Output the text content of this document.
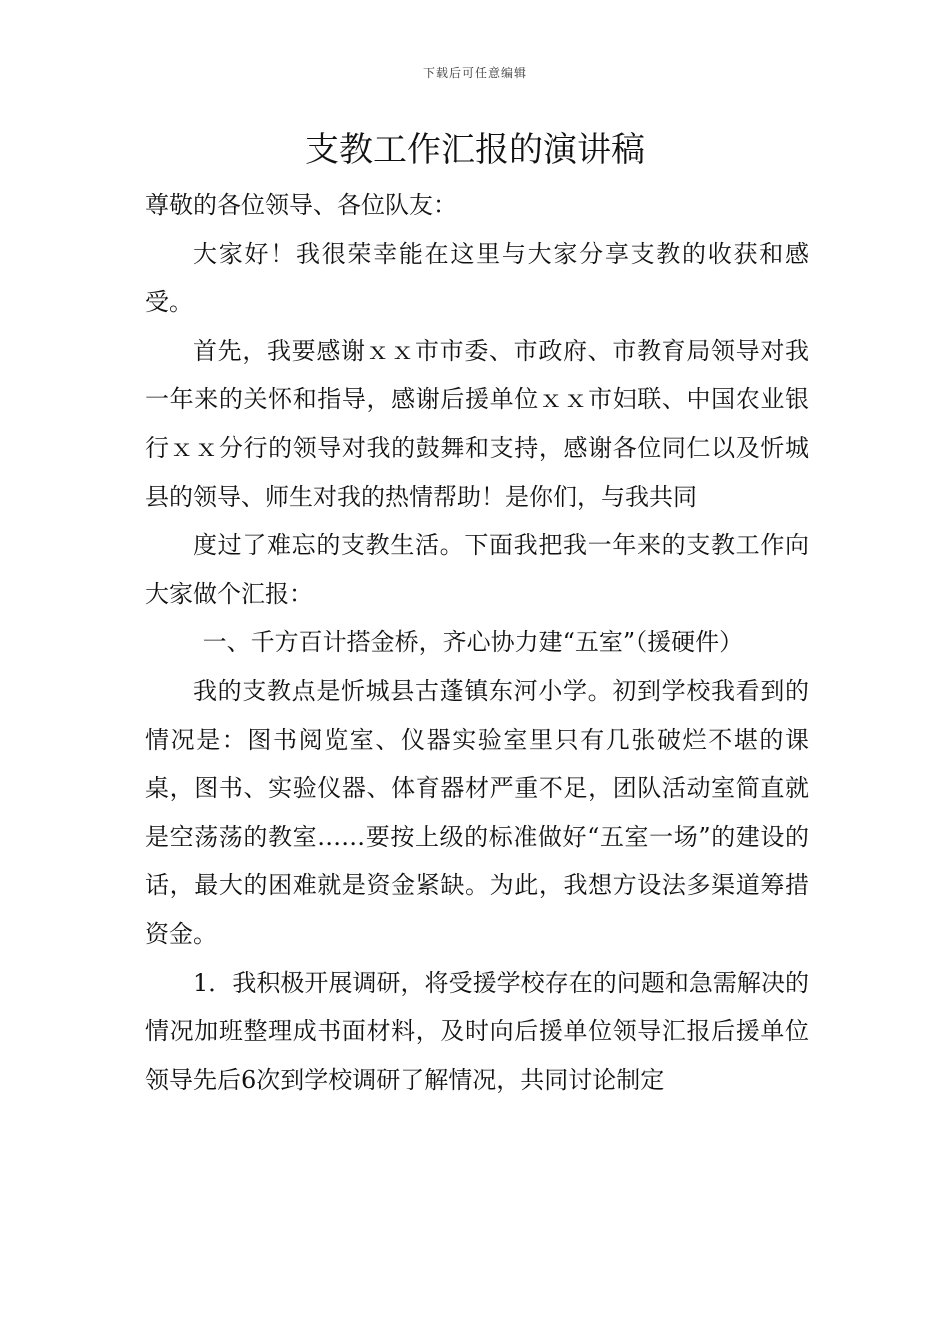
下载后可任意编辑
支教工作汇报的演讲稿

尊敬的各位领导、各位队友：

大家好！我很荣幸能在这里与大家分享支教的收获和感受。

首先，我要感谢ｘｘ市市委、市政府、市教育局领导对我一年来的关怀和指导，感谢后援单位ｘｘ市妇联、中国农业银行ｘｘ分行的领导对我的鼓舞和支持，感谢各位同仁以及忻城县的领导、师生对我的热情帮助！是你们，与我共同

度过了难忘的支教生活。下面我把我一年来的支教工作向大家做个汇报：

一、千方百计搭金桥，齐心协力建“五室”（援硬件）

我的支教点是忻城县古蓬镇东河小学。初到学校我看到的情况是：图书阅览室、仪器实验室里只有几张破烂不堪的课桌，图书、实验仪器、体育器材严重不足，团队活动室简直就是空荡荡的教室……要按上级的标准做好“五室一场”的建设的话，最大的困难就是资金紧缺。为此，我想方设法多渠道筹措资金。

1．我积极开展调研，将受援学校存在的问题和急需解决的情况加班整理成书面材料，及时向后援单位领导汇报后援单位领导先后6次到学校调研了解情况，共同讨论制定
